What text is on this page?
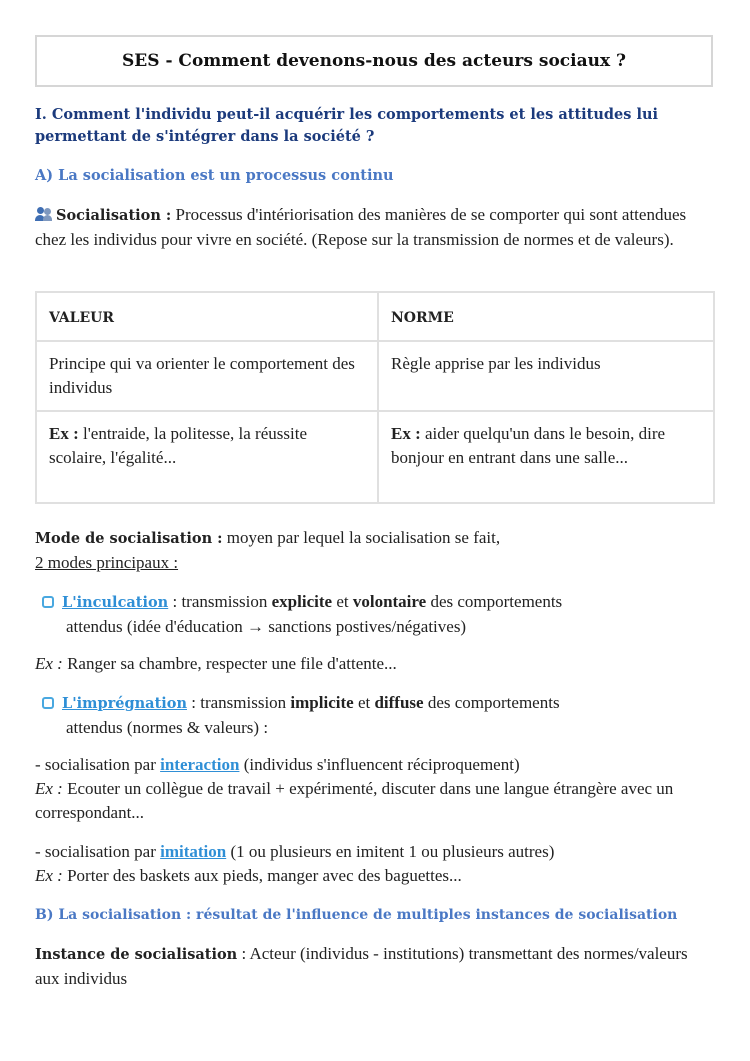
SES - Comment devenons-nous des acteurs sociaux ?
I. Comment l'individu peut-il acquérir les comportements et les attitudes lui permettant de s'intégrer dans la société ?
A) La socialisation est un processus continu
Socialisation : Processus d'intériorisation des manières de se comporter qui sont attendues chez les individus pour vivre en société. (Repose sur la transmission de normes et de valeurs).
VALEUR	NORME
Principe qui va orienter le comportement des individus	Règle apprise par les individus
Ex : l'entraide, la politesse, la réussite scolaire, l'égalité...	Ex : aider quelqu'un dans le besoin, dire bonjour en entrant dans une salle...
Mode de socialisation : moyen par lequel la socialisation se fait,
2 modes principaux :
L'inculcation : transmission explicite et volontaire des comportements
attendus (idée d'éducation → sanctions postives/négatives)
Ex : Ranger sa chambre, respecter une file d'attente...
L'imprégnation : transmission implicite et diffuse des comportements
attendus (normes & valeurs) :
- socialisation par interaction (individus s'influencent réciproquement)
Ex : Ecouter un collègue de travail + expérimenté, discuter dans une langue étrangère avec un correspondant...
- socialisation par imitation (1 ou plusieurs en imitent 1 ou plusieurs autres)
Ex : Porter des baskets aux pieds, manger avec des baguettes...
B) La socialisation : résultat de l'influence de multiples instances de socialisation
Instance de socialisation : Acteur (individus - institutions) transmettant des normes/valeurs aux individus
